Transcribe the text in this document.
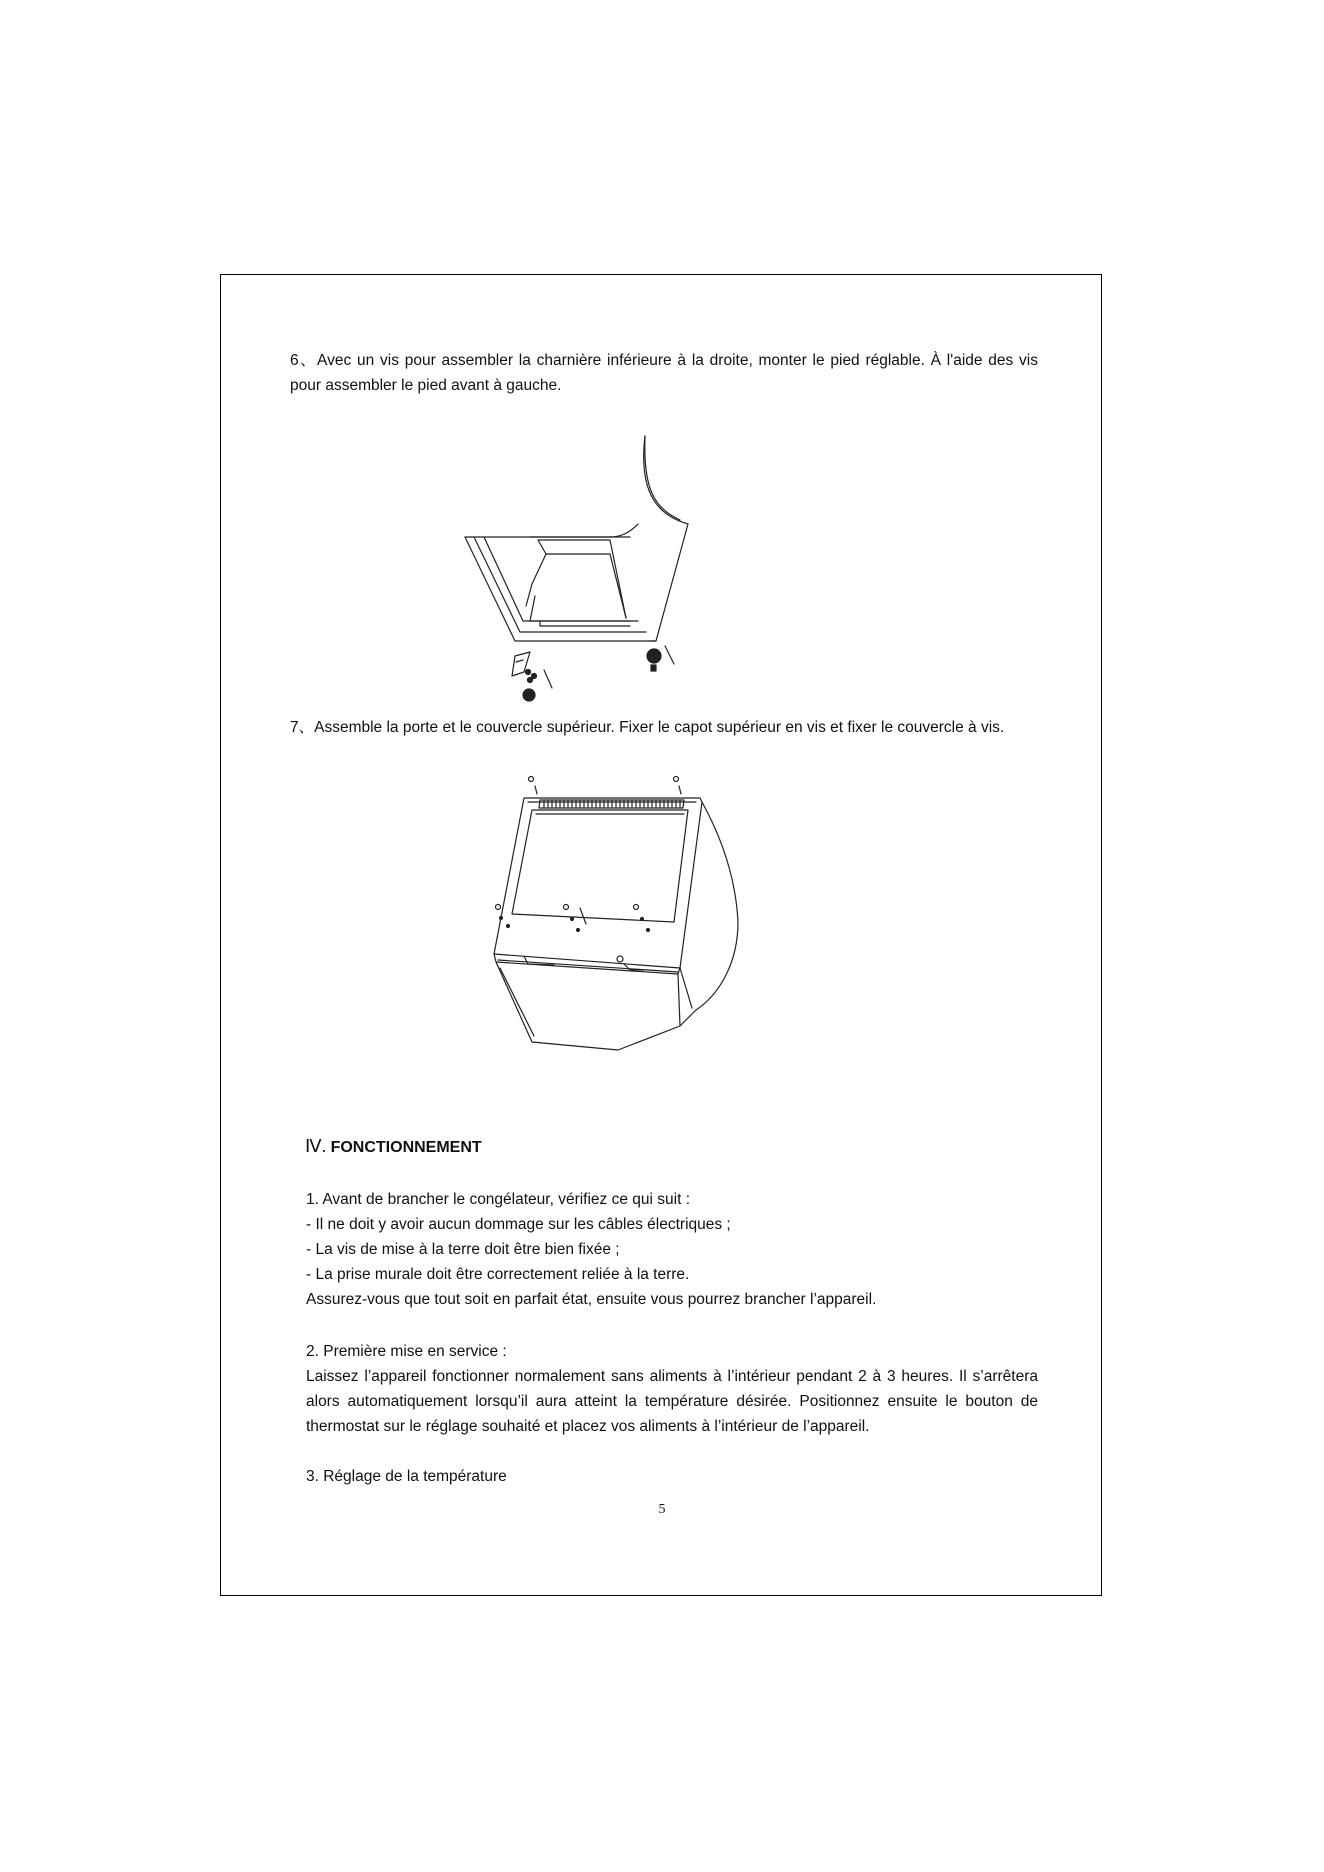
6、Avec un vis pour assembler la charnière inférieure à la droite, monter le pied réglable. À l'aide des vis pour assembler le pied avant à gauche.

7、Assemble la porte et le couvercle supérieur. Fixer le capot supérieur en vis et fixer le couvercle à vis.

Ⅳ. FONCTIONNEMENT

1. Avant de brancher le congélateur, vérifiez ce qui suit :

- Il ne doit y avoir aucun dommage sur les câbles électriques ;

- La vis de mise à la terre doit être bien fixée ;

- La prise murale doit être correctement reliée à la terre.

Assurez-vous que tout soit en parfait état, ensuite vous pourrez brancher l’appareil.

2. Première mise en service :

Laissez l’appareil fonctionner normalement sans aliments à l’intérieur pendant 2 à 3 heures. Il s’arrêtera alors automatiquement lorsqu’il aura atteint la température désirée. Positionnez ensuite le bouton de thermostat sur le réglage souhaité et placez vos aliments à l’intérieur de l’appareil.

3. Réglage de la température

5
